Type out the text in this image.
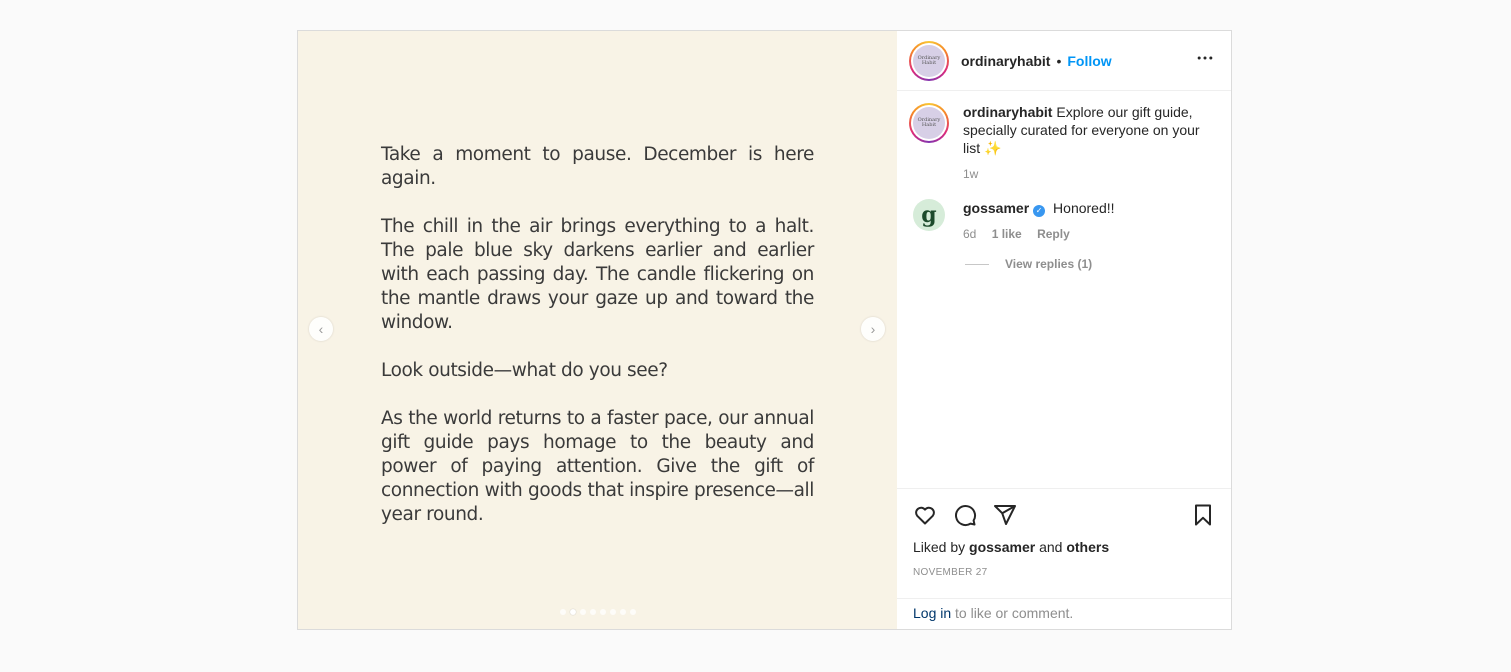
Take a moment to pause. December is here again.

The chill in the air brings everything to a halt. The pale blue sky darkens earlier and earlier with each passing day. The candle flickering on the mantle draws your gaze up and toward the window.

Look outside—what do you see?

As the world returns to a faster pace, our annual gift guide pays homage to the beauty and power of paying attention. Give the gift of connection with goods that inspire presence—all year round.

‹	›
Ordinary Habit	ordinaryhabit • Follow
Ordinary Habit
ordinaryhabit Explore our gift guide, specially curated for everyone on your list ✨
1w
g	gossamer ✓ Honored!!
6d 1 like Reply
View replies (1)
Liked by gossamer and others
NOVEMBER 27
Log in to like or comment.
